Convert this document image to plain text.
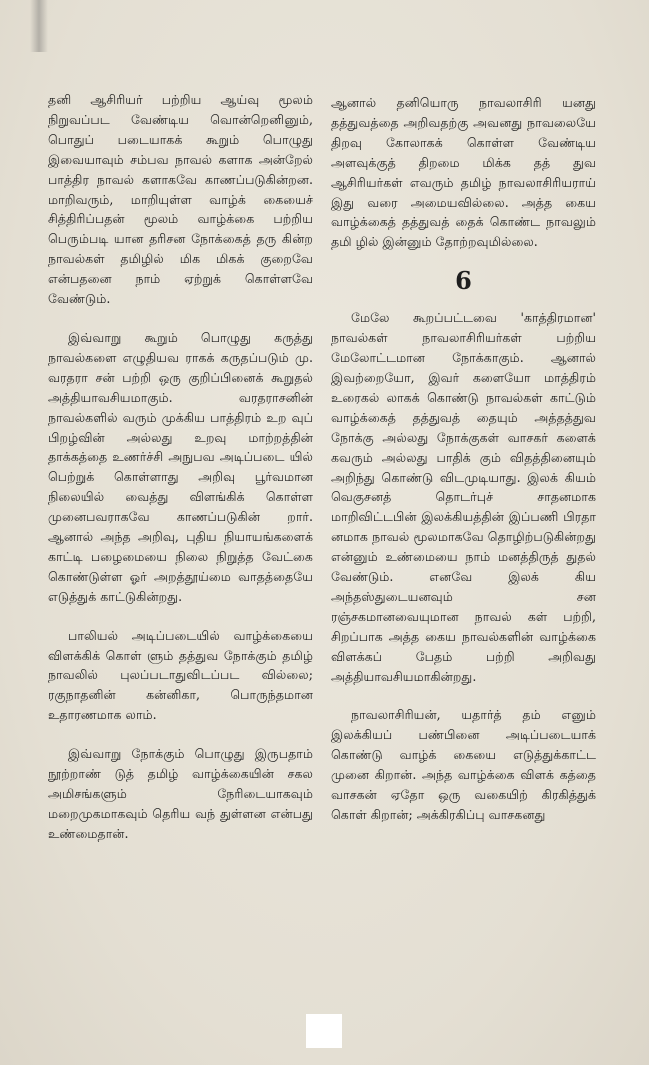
தனி ஆசிரியர் பற்றிய ஆய்வு மூலம் நிறுவப்பட வேண்டிய வொன்றெனினும், பொதுப் படையாகக் கூறும் பொழுது இவையாவும் சம்பவ நாவல் களாக அன்றேல் பாத்திர நாவல் களாகவே காணப்படுகின்றன. மாறிவரும், மாறியுள்ள வாழ்க் கையைச் சித்திரிப்பதன் மூலம் வாழ்க்கை பற்றிய பெரும்படி யான தரிசன நோக்கைத் தரு கின்ற நாவல்கள் தமிழில் மிக மிகக் குறைவே என்பதனை நாம் ஏற்றுக் கொள்ளவே வேண்டும்.

இவ்வாறு கூறும் பொழுது கருத்து நாவல்களை எழுதியவ ராகக் கருதப்படும் மு. வரதரா சன் பற்றி ஒரு குறிப்பினைக் கூறுதல் அத்தியாவசியமாகும். வரதராசனின் நாவல்களில் வரும் முக்கிய பாத்திரம் உற வுப் பிறழ்வின் அல்லது உறவு மாற்றத்தின் தாக்கத்தை உணர்ச்சி அநுபவ அடிப்படை யில் பெற்றுக் கொள்ளாது அறிவு பூர்வமான நிலையில் வைத்து விளங்கிக் கொள்ள முனைபவராகவே காணப்படுகின் றார். ஆனால் அந்த அறிவு, புதிய நியாயங்களைக் காட்டி பழைமையை நிலை நிறுத்த வேட்கை கொண்டுள்ள ஓர் அறத்தூய்மை வாதத்தையே எடுத்துக் காட்டுகின்றது.

பாலியல் அடிப்படையில் வாழ்க்கையை விளக்கிக் கொள் ளும் தத்துவ நோக்கும் தமிழ் நாவலில் புலப்படாதுவிடப்பட வில்லை; ரகுநாதனின் கன்னிகா, பொருந்தமான உதாரணமாக லாம்.

இவ்வாறு நோக்கும் பொழுது இருபதாம் நூற்றாண் டுத் தமிழ் வாழ்க்கையின் சகல அமிசங்களும் நேரிடையாகவும் மறைமுகமாகவும் தெரிய வந் துள்ளன என்பது உண்மைதான்.

ஆனால் தனியொரு நாவலாசிரி யனது தத்துவத்தை அறிவதற்கு அவனது நாவலையே திறவு கோலாகக் கொள்ள வேண்டிய அளவுக்குத் திறமை மிக்க தத் துவ ஆசிரியர்கள் எவரும் தமிழ் நாவலாசிரியராய் இது வரை அமையவில்லை. அத்த கைய வாழ்க்கைத் தத்துவத் தைக் கொண்ட நாவலும் தமி ழில் இன்னும் தோற்றவுமில்லை.

6

மேலே கூறப்பட்டவை 'காத்திரமான' நாவல்கள் நாவலாசிரியர்கள் பற்றிய மேலோட்டமான நோக்காகும். ஆனால் இவற்றையோ, இவர் களையோ மாத்திரம் உரைகல் லாகக் கொண்டு நாவல்கள் காட்டும் வாழ்க்கைத் தத்துவத் தையும் அத்தத்துவ நோக்கு அல்லது நோக்குகள் வாசகர் களைக் கவரும் அல்லது பாதிக் கும் விதத்தினையும் அறிந்து கொண்டு விடமுடியாது. இலக் கியம் வெகுசனத் தொடர்புச் சாதனமாக மாறிவிட்டபின் இலக்கியத்தின் இப்பணி பிரதா னமாக நாவல் மூலமாகவே தொழிற்படுகின்றது என்னும் உண்மையை நாம் மனத்திருத் துதல் வேண்டும். எனவே இலக் கிய அந்தஸ்துடையனவும் சன ரஞ்சகமானவையுமான நாவல் கள் பற்றி, சிறப்பாக அத்த கைய நாவல்களின் வாழ்க்கை விளக்கப் பேதம் பற்றி அறிவது அத்தியாவசியமாகின்றது.

நாவலாசிரியன், யதார்த் தம் எனும் இலக்கியப் பண்பினை அடிப்படையாக் கொண்டு வாழ்க் கையை எடுத்துக்காட்ட முனை கிறான். அந்த வாழ்க்கை விளக் கத்தை வாசகன் ஏதோ ஒரு வகையிற் கிரகித்துக் கொள் கிறான்; அக்கிரகிப்பு வாசகனது
